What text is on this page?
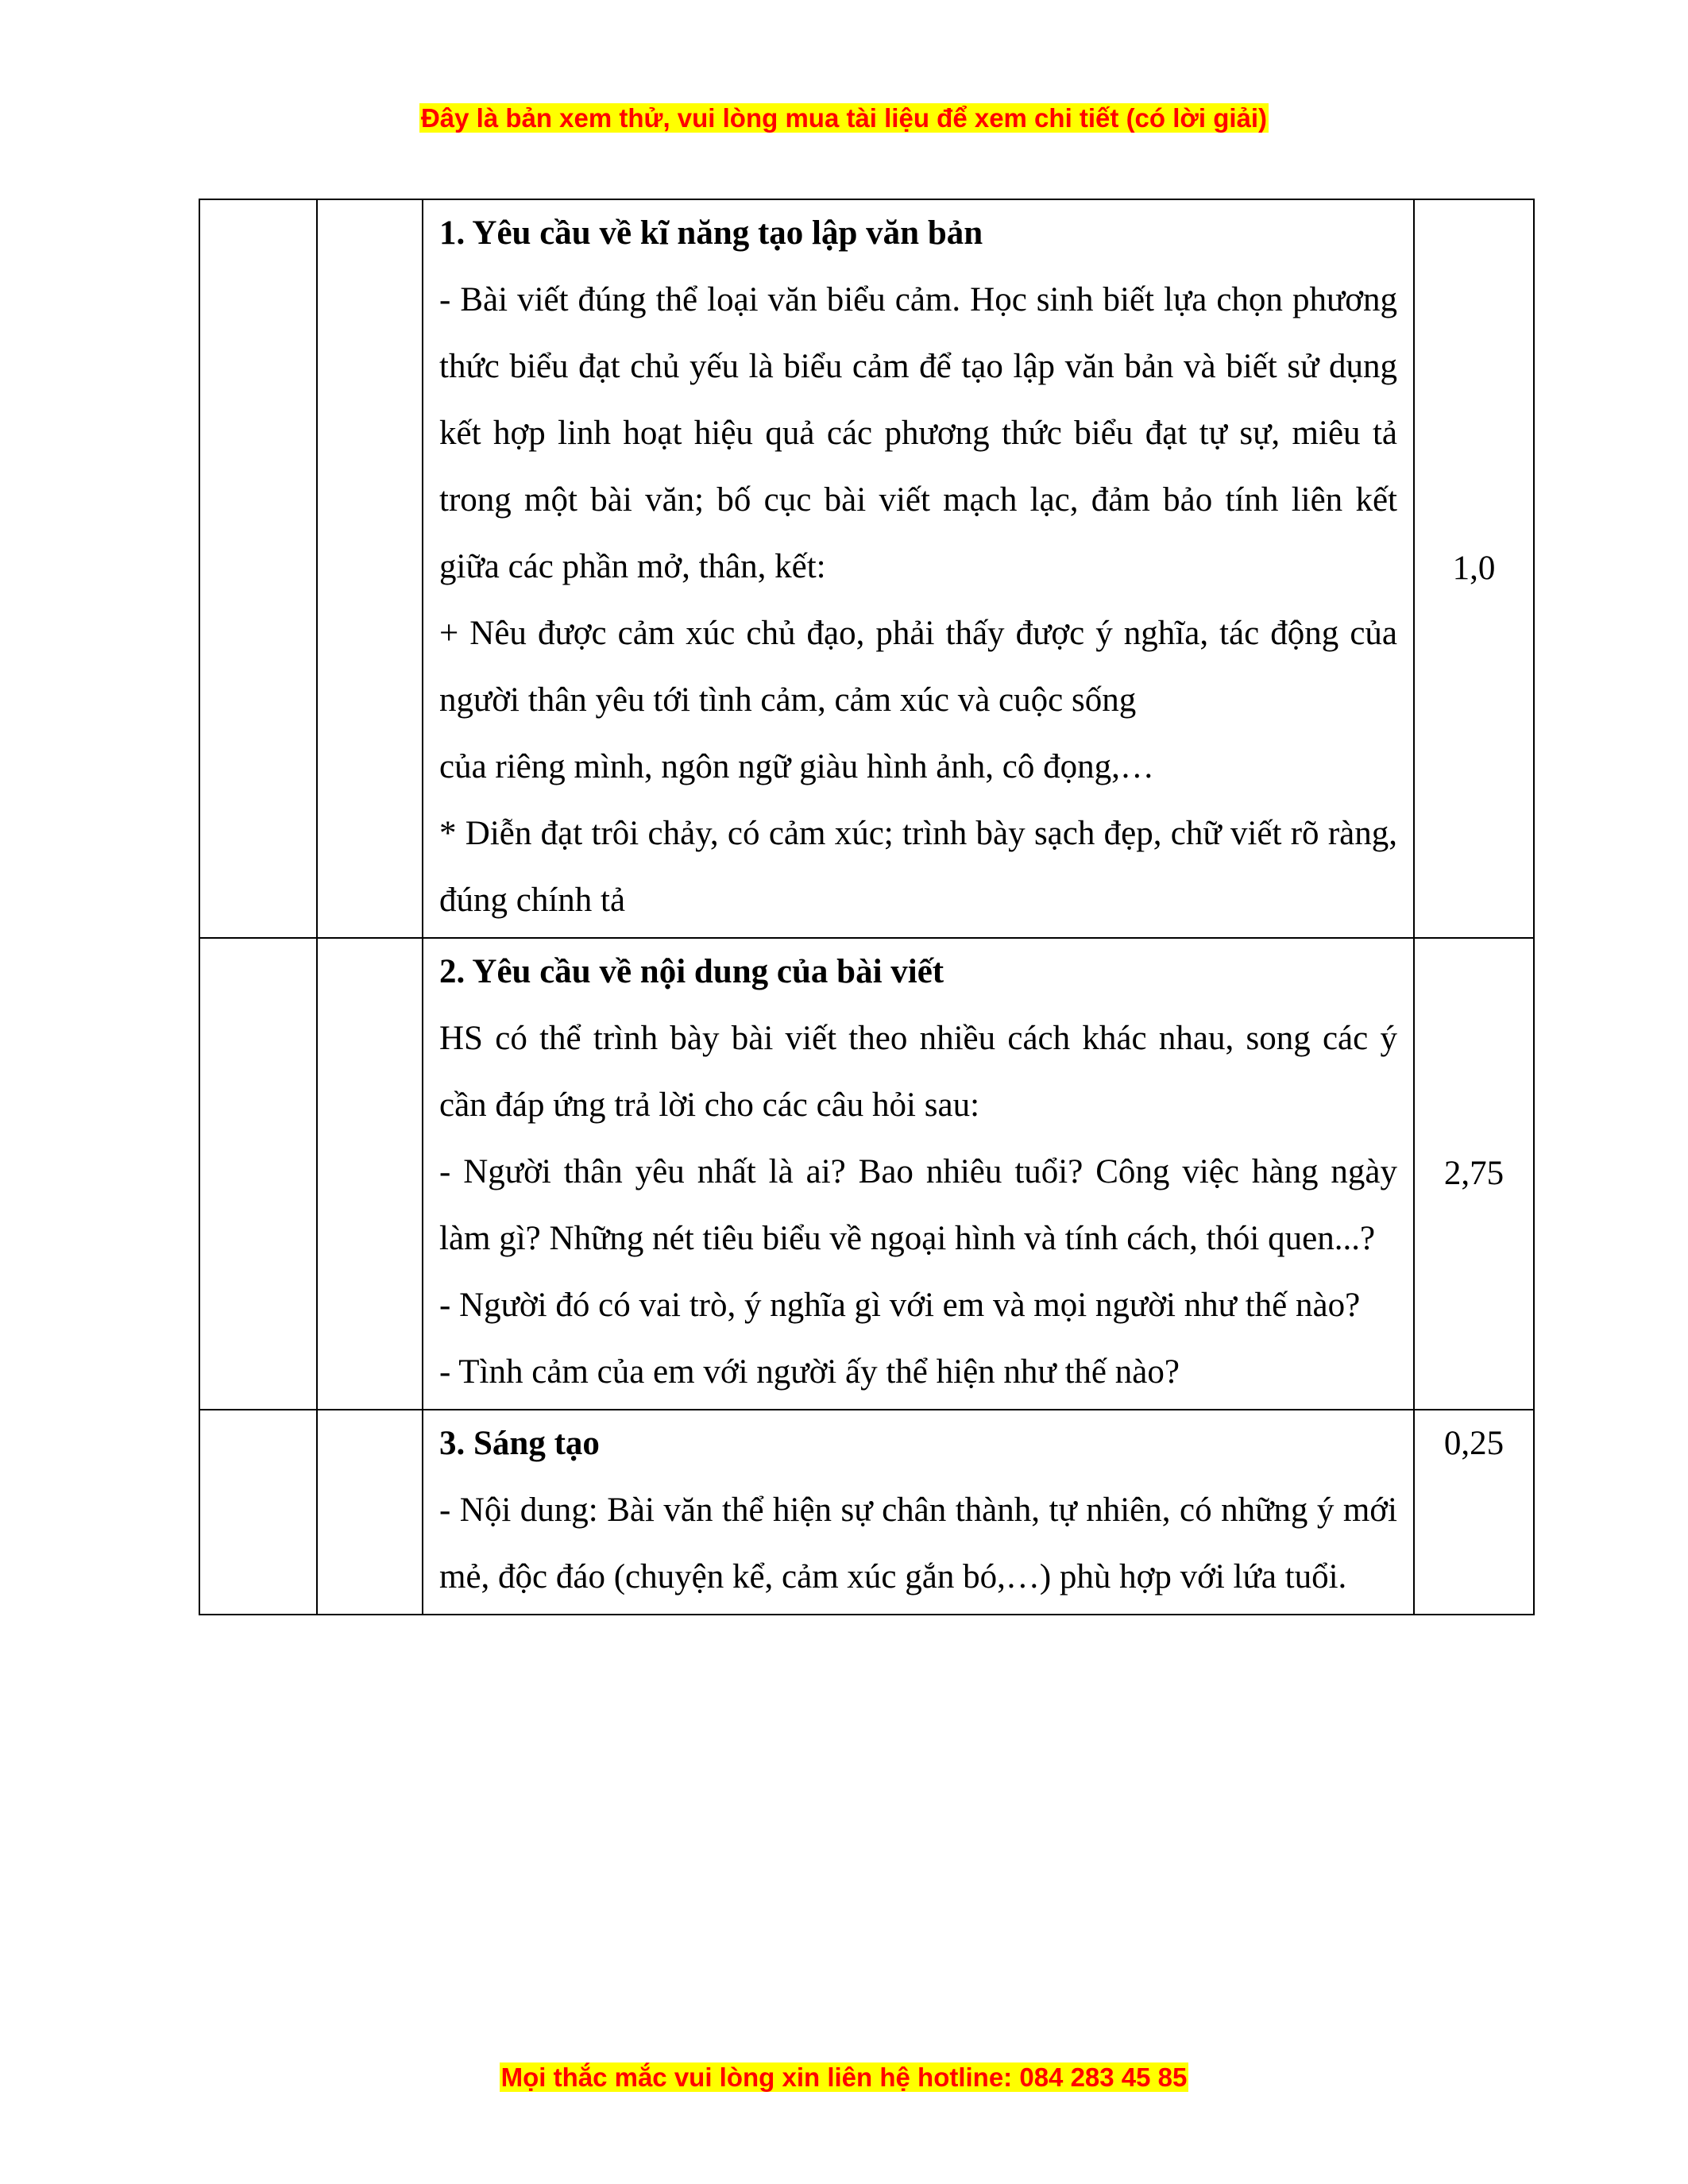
Đây là bản xem thử, vui lòng mua tài liệu để xem chi tiết (có lời giải)

		1. Yêu cầu về kĩ năng tạo lập văn bản
- Bài viết đúng thể loại văn biểu cảm. Học sinh biết lựa chọn phương thức biểu đạt chủ yếu là biểu cảm để tạo lập văn bản và biết sử dụng kết hợp linh hoạt hiệu quả các phương thức biểu đạt tự sự, miêu tả trong một bài văn; bố cục bài viết mạch lạc, đảm bảo tính liên kết giữa các phần mở, thân, kết:
+ Nêu được cảm xúc chủ đạo, phải thấy được ý nghĩa, tác động của người thân yêu tới tình cảm, cảm xúc và cuộc sống
của riêng mình, ngôn ngữ giàu hình ảnh, cô đọng,…
* Diễn đạt trôi chảy, có cảm xúc; trình bày sạch đẹp, chữ viết rõ ràng, đúng chính tả	1,0

		2. Yêu cầu về nội dung của bài viết
HS có thể trình bày bài viết theo nhiều cách khác nhau, song các ý cần đáp ứng trả lời cho các câu hỏi sau:
- Người thân yêu nhất là ai? Bao nhiêu tuổi? Công việc hàng ngày làm gì? Những nét tiêu biểu về ngoại hình và tính cách, thói quen...?
- Người đó có vai trò, ý nghĩa gì với em và mọi người như thế nào?
- Tình cảm của em với người ấy thể hiện như thế nào?	2,75

		3. Sáng tạo
- Nội dung: Bài văn thể hiện sự chân thành, tự nhiên, có những ý mới mẻ, độc đáo (chuyện kể, cảm xúc gắn bó,…) phù hợp với lứa tuổi.	0,25
Mọi thắc mắc vui lòng xin liên hệ hotline: 084 283 45 85
